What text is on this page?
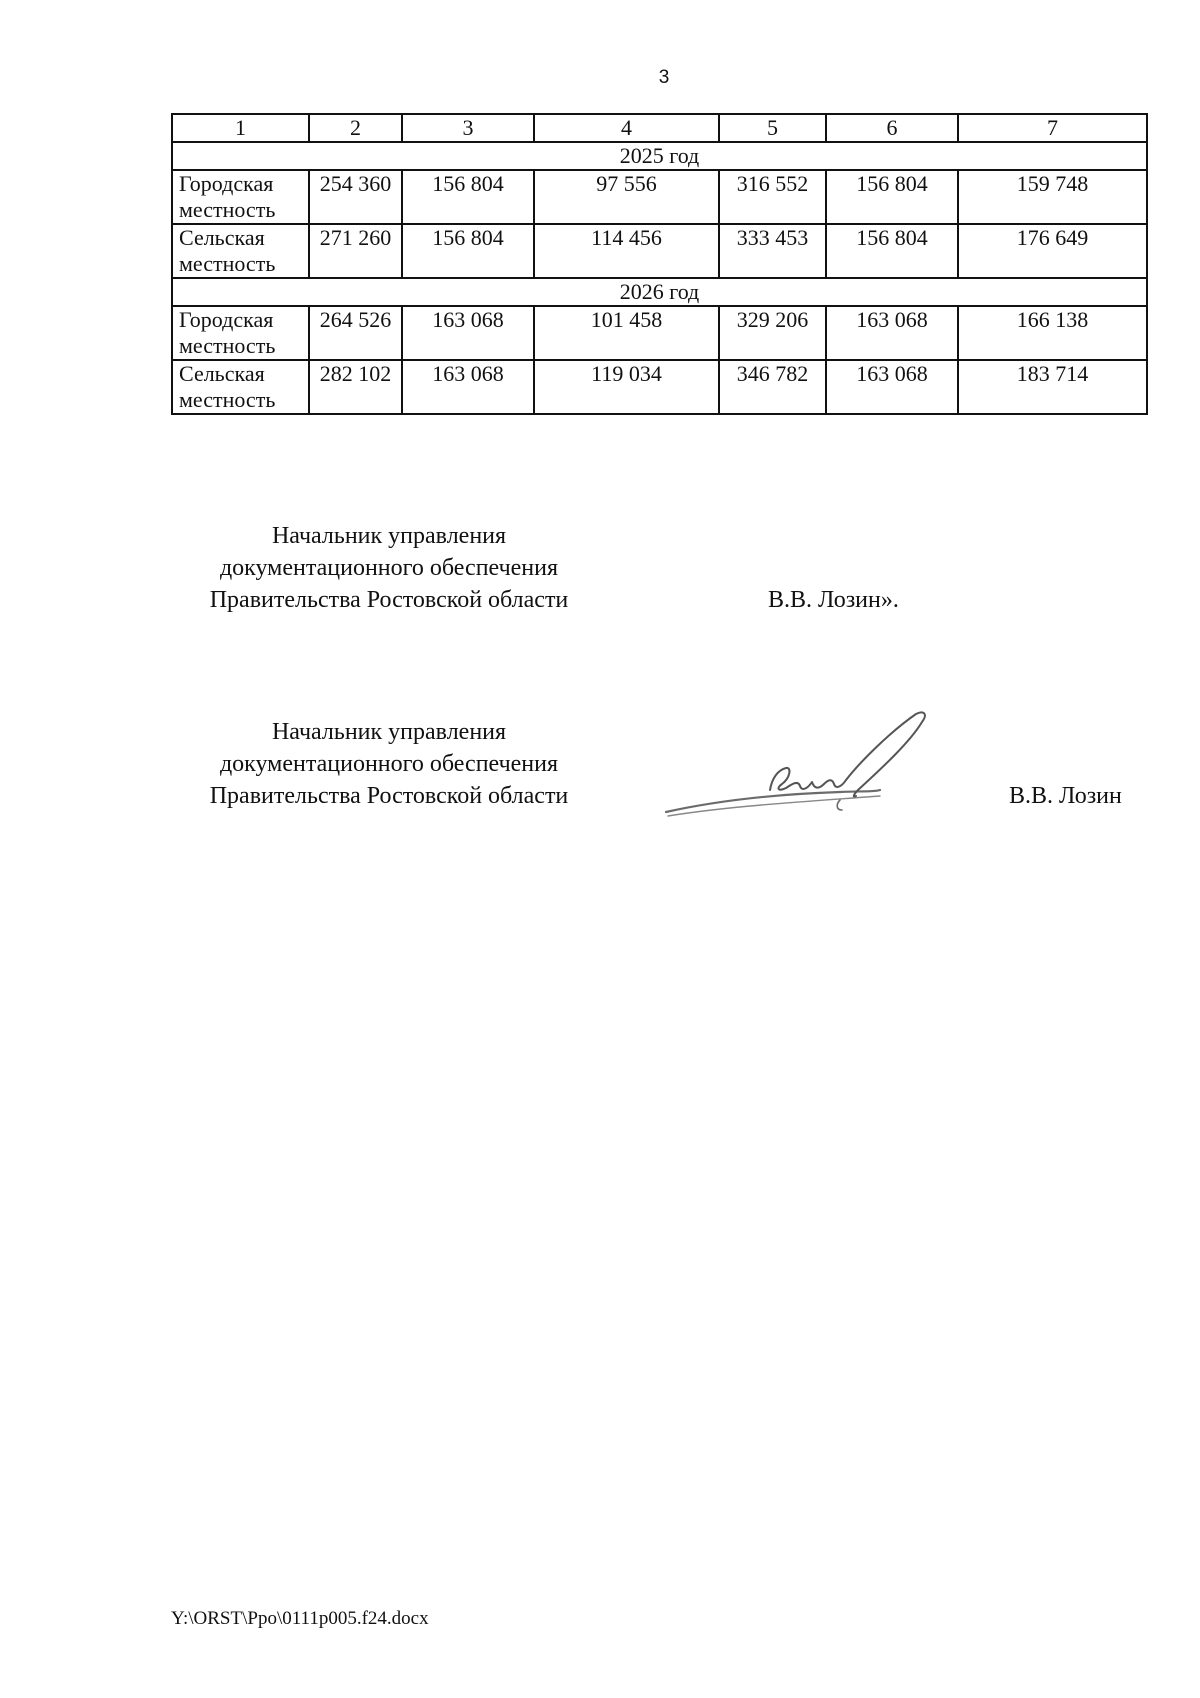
3
1	2	3	4	5	6	7
2025 год						
Городская местность	254 360	156 804	97 556	316 552	156 804	159 748
Сельская местность	271 260	156 804	114 456	333 453	156 804	176 649
2026 год						
Городская местность	264 526	163 068	101 458	329 206	163 068	166 138
Сельская местность	282 102	163 068	119 034	346 782	163 068	183 714
Начальник управления
документационного обеспечения
Правительства Ростовской области	В.В. Лозин».
Начальник управления
документационного обеспечения
Правительства Ростовской области	В.В. Лозин
Y:\ORST\Ppo\0111p005.f24.docx
